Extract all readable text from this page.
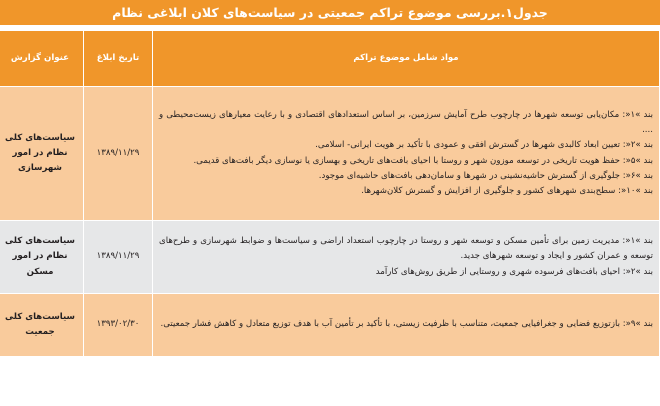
جدول۱.بررسی موضوع تراکم جمعیتی در سیاست‌های کلان ابلاغی نظام
مواد شامل موضوع تراکم	تاریخ ابلاغ	عنوان گزارش

بند »۱«: مکان‌یابی توسعه شهرها در چارچوب طرح آمایش سرزمین، بر اساس استعدادهای اقتصادی و با رعایت معیارهای زیست‌محیطی و ....
بند »۲«: تعیین ابعاد کالبدی شهرها در گسترش افقی و عمودی با تأکید بر هویت ایرانی- اسلامی.
بند »۵«: حفظ هویت تاریخی در توسعه موزون شهر و روستا با احیای بافت‌های تاریخی و بهسازی یا نوسازی دیگر بافت‌های قدیمی.
بند »۶«: جلوگیری از گسترش حاشیه‌نشینی در شهرها و سامان‌دهی بافت‌های حاشیه‌ای موجود.
بند »۱۰«: سطح‌بندی شهرهای کشور و جلوگیری از افزایش و گسترش کلان‌شهرها.	۱۳۸۹/۱۱/۲۹	سیاست‌های کلی نظام در امور شهرسازی

بند »۱«: مدیریت زمین برای تأمین مسکن و توسعه شهر و روستا در چارچوب استعداد اراضی و سیاست‌ها و ضوابط شهرسازی و طرح‌های توسعه و عمران کشور و ایجاد و توسعه شهرهای جدید.
بند »۲«: احیای بافت‌های فرسوده شهری و روستایی از طریق روش‌های کارآمد	۱۳۸۹/۱۱/۲۹	سیاست‌های کلی نظام در امور مسکن

بند »۹«: بازتوزیع فضایی و جغرافیایی جمعیت، متناسب با ظرفیت زیستی، با تأکید بر تأمین آب با هدف توزیع متعادل و کاهش فشار جمعیتی.	۱۳۹۳/۰۲/۳۰	سیاست‌های کلی جمعیت
